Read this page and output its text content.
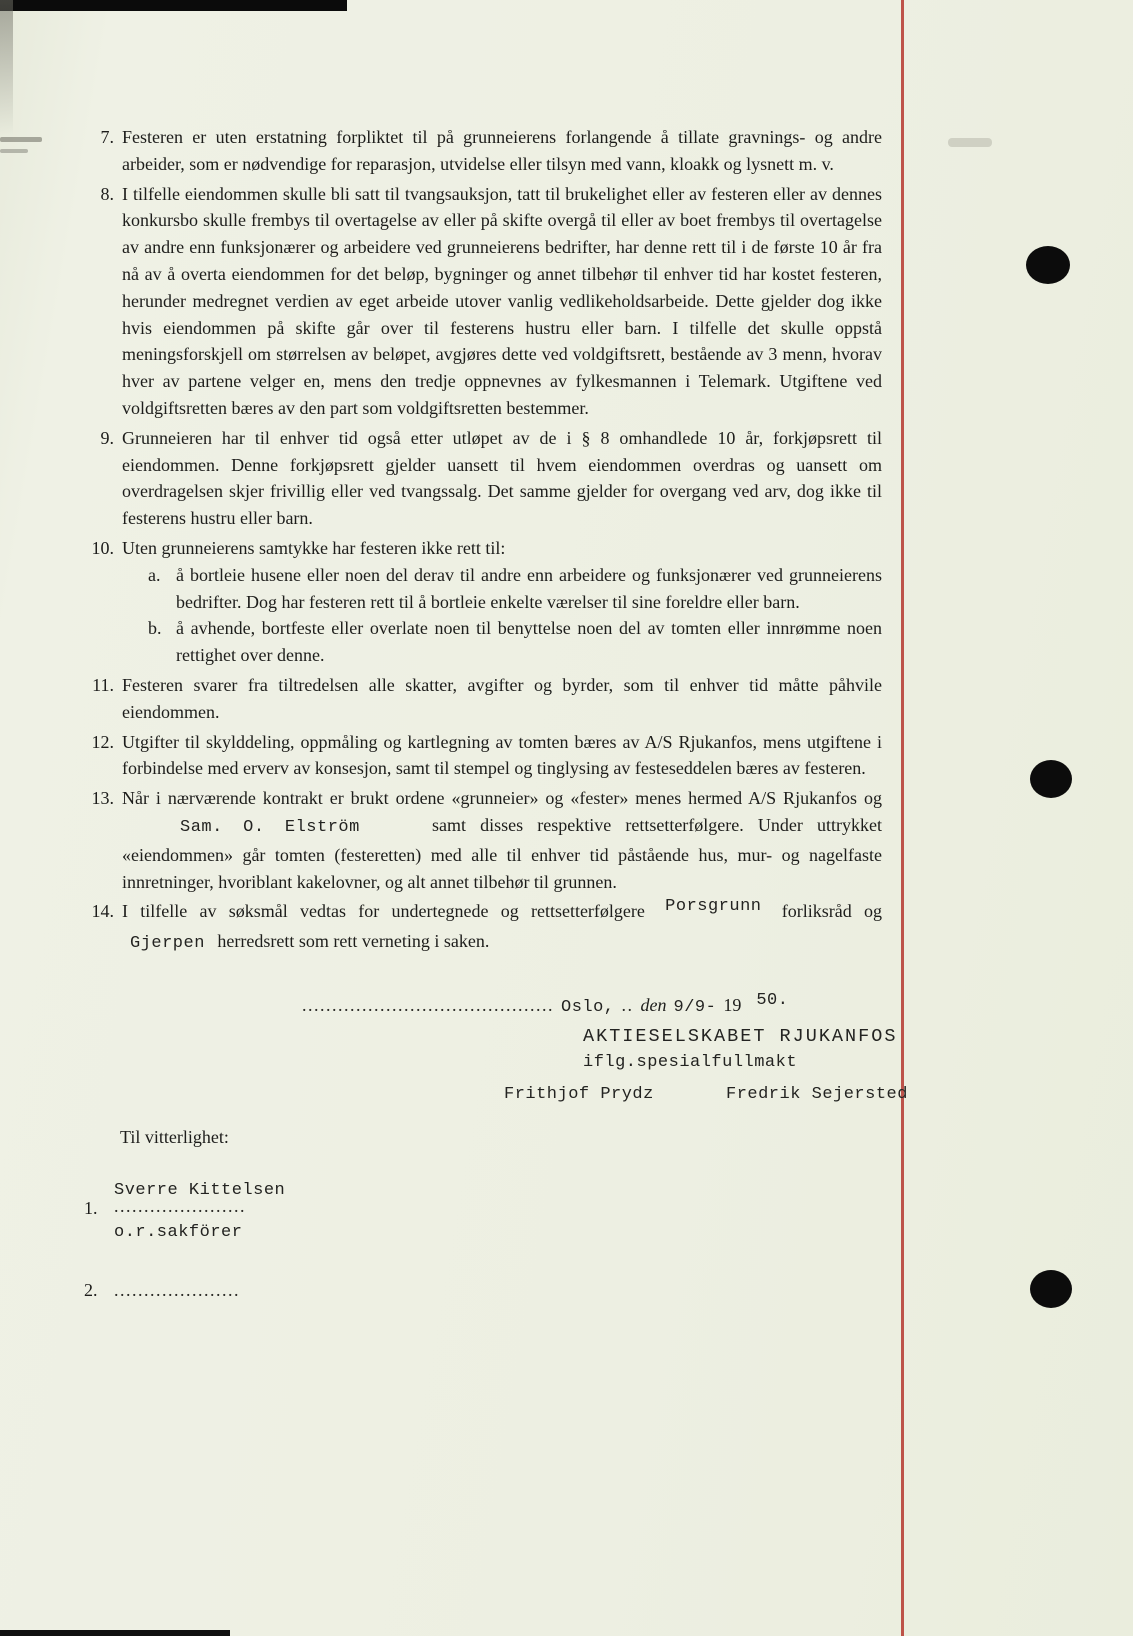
7. Festeren er uten erstatning forpliktet til på grunneierens forlangende å tillate gravnings- og andre arbeider, som er nødvendige for reparasjon, utvidelse eller tilsyn med vann, kloakk og lysnett m. v.

8. I tilfelle eiendommen skulle bli satt til tvangsauksjon, tatt til brukelighet eller av festeren eller av dennes konkursbo skulle frembys til overtagelse av eller på skifte overgå til eller av boet frembys til overtagelse av andre enn funksjonærer og arbeidere ved grunneierens bedrifter, har denne rett til i de første 10 år fra nå av å overta eiendommen for det beløp, bygninger og annet tilbehør til enhver tid har kostet festeren, herunder medregnet verdien av eget arbeide utover vanlig vedlikeholdsarbeide. Dette gjelder dog ikke hvis eiendommen på skifte går over til festerens hustru eller barn. I tilfelle det skulle oppstå meningsforskjell om størrelsen av beløpet, avgjøres dette ved voldgiftsrett, bestående av 3 menn, hvorav hver av partene velger en, mens den tredje oppnevnes av fylkesmannen i Telemark. Utgiftene ved voldgiftsretten bæres av den part som voldgiftsretten bestemmer.

9. Grunneieren har til enhver tid også etter utløpet av de i § 8 omhandlede 10 år, forkjøpsrett til eiendommen. Denne forkjøpsrett gjelder uansett til hvem eiendommen overdras og uansett om overdragelsen skjer frivillig eller ved tvangssalg. Det samme gjelder for overgang ved arv, dog ikke til festerens hustru eller barn.

10. Uten grunneierens samtykke har festeren ikke rett til:

a. å bortleie husene eller noen del derav til andre enn arbeidere og funksjonærer ved grunneierens bedrifter. Dog har festeren rett til å bortleie enkelte værelser til sine foreldre eller barn.

b. å avhende, bortfeste eller overlate noen til benyttelse noen del av tomten eller innrømme noen rettighet over denne.

11. Festeren svarer fra tiltredelsen alle skatter, avgifter og byrder, som til enhver tid måtte påhvile eiendommen.

12. Utgifter til skylddeling, oppmåling og kartlegning av tomten bæres av A/S Rjukanfos, mens utgiftene i forbindelse med erverv av konsesjon, samt til stempel og tinglysing av festeseddelen bæres av festeren.

13. Når i nærværende kontrakt er brukt ordene «grunneier» og «fester» menes hermed A/S Rjukanfos og Sam. O. Elström	samt disses respektive rettsetterfølgere. Under uttrykket «eiendommen» går tomten (festeretten) med alle til enhver tid påstående hus, mur- og nagelfaste innretninger, hvoriblant kakelovner, og alt annet tilbehør til grunnen.

14. I tilfelle av søksmål vedtas for undertegnede og rettsetterfølgere Porsgrunn forliksråd og Gjerpen herredsrett som rett verneting i saken.

.......................................... Oslo, .. den 9/9- 19 50.
AKTIESELSKABET RJUKANFOS
iflg.spesialfullmakt
Frithjof Prydz	Fredrik Sejersted
Til vitterlighet:
1.
Sverre Kittelsen
......................
o.r.sakförer
2. .....................
